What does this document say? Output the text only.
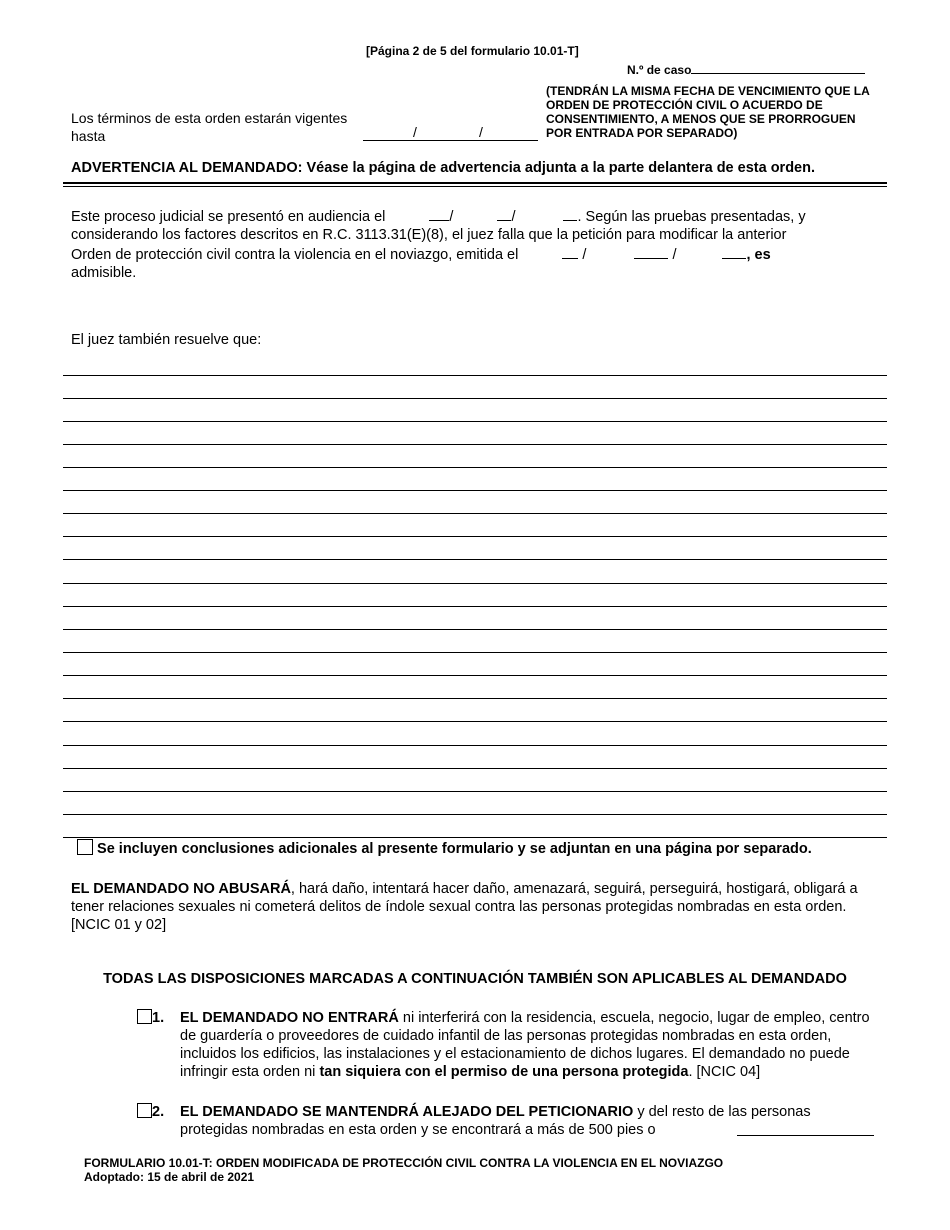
[Página 2 de 5 del formulario 10.01-T]
N.º de caso
Los términos de esta orden estarán vigentes
hasta	/	/
(TENDRÁN LA MISMA FECHA DE VENCIMIENTO QUE LA ORDEN DE PROTECCIÓN CIVIL O ACUERDO DE CONSENTIMIENTO, A MENOS QUE SE PRORROGUEN POR ENTRADA POR SEPARADO)
ADVERTENCIA AL DEMANDADO: Véase la página de advertencia adjunta a la parte delantera de esta orden.
Este proceso judicial se presentó en audiencia el	/	/	. Según las pruebas presentadas, y
considerando los factores descritos en R.C. 3113.31(E)(8), el juez falla que la petición para modificar la anterior
Orden de protección civil contra la violencia en el noviazgo, emitida el	/	/	, es
admisible.
El juez también resuelve que:
Se incluyen conclusiones adicionales al presente formulario y se adjuntan en una página por separado.
EL DEMANDADO NO ABUSARÁ, hará daño, intentará hacer daño, amenazará, seguirá, perseguirá, hostigará, obligará a tener relaciones sexuales ni cometerá delitos de índole sexual contra las personas protegidas nombradas en esta orden.
[NCIC 01 y 02]
TODAS LAS DISPOSICIONES MARCADAS A CONTINUACIÓN TAMBIÉN SON APLICABLES AL DEMANDADO
1. EL DEMANDADO NO ENTRARÁ ni interferirá con la residencia, escuela, negocio, lugar de empleo, centro de guardería o proveedores de cuidado infantil de las personas protegidas nombradas en esta orden, incluidos los edificios, las instalaciones y el estacionamiento de dichos lugares. El demandado no puede infringir esta orden ni tan siquiera con el permiso de una persona protegida. [NCIC 04]
2. EL DEMANDADO SE MANTENDRÁ ALEJADO DEL PETICIONARIO y del resto de las personas protegidas nombradas en esta orden y se encontrará a más de 500 pies o
FORMULARIO 10.01-T: ORDEN MODIFICADA DE PROTECCIÓN CIVIL CONTRA LA VIOLENCIA EN EL NOVIAZGO
Adoptado: 15 de abril de 2021
